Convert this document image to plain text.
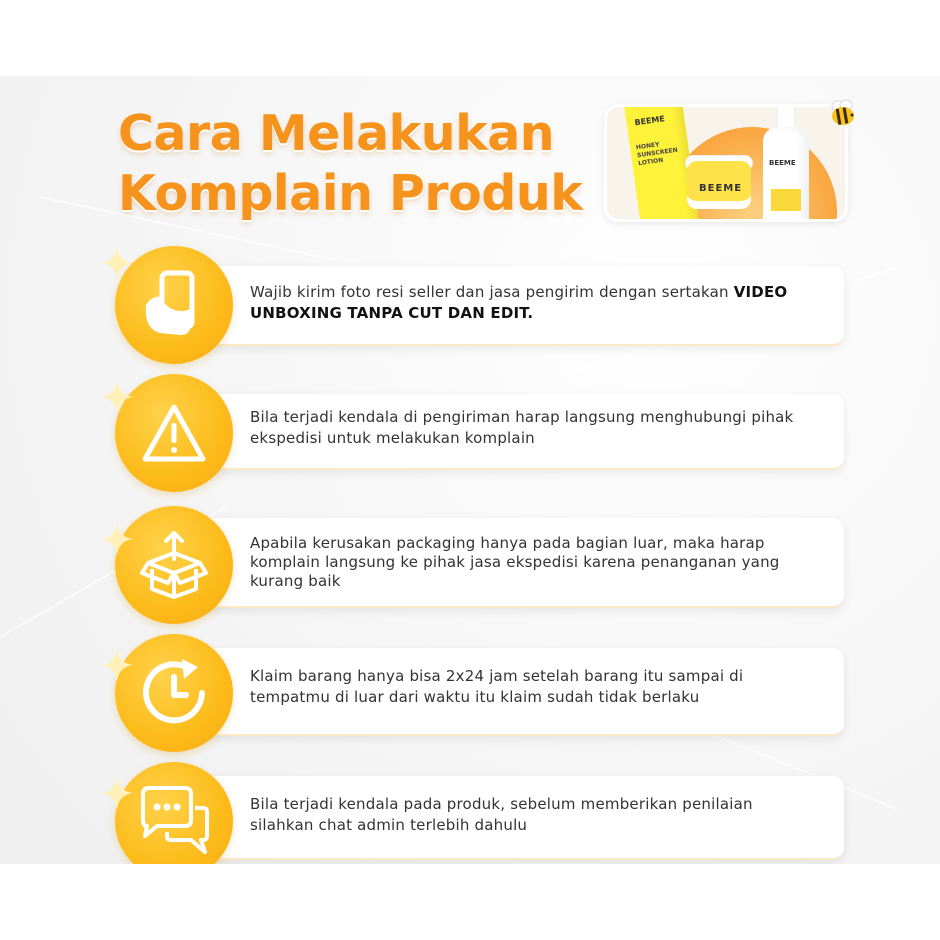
Cara Melakukan
Komplain Produk
BEEME
HONEY SUNSCREEN LOTION
BEEME
BEEME

Wajib kirim foto resi seller dan jasa pengirim dengan sertakan VIDEO UNBOXING TANPA CUT DAN EDIT.

Bila terjadi kendala di pengiriman harap langsung menghubungi pihak ekspedisi untuk melakukan komplain

Apabila kerusakan packaging hanya pada bagian luar, maka harap komplain langsung ke pihak jasa ekspedisi karena penanganan yang kurang baik

Klaim barang hanya bisa 2x24 jam setelah barang itu sampai di tempatmu di luar dari waktu itu klaim sudah tidak berlaku

Bila terjadi kendala pada produk, sebelum memberikan penilaian silahkan chat admin terlebih dahulu
